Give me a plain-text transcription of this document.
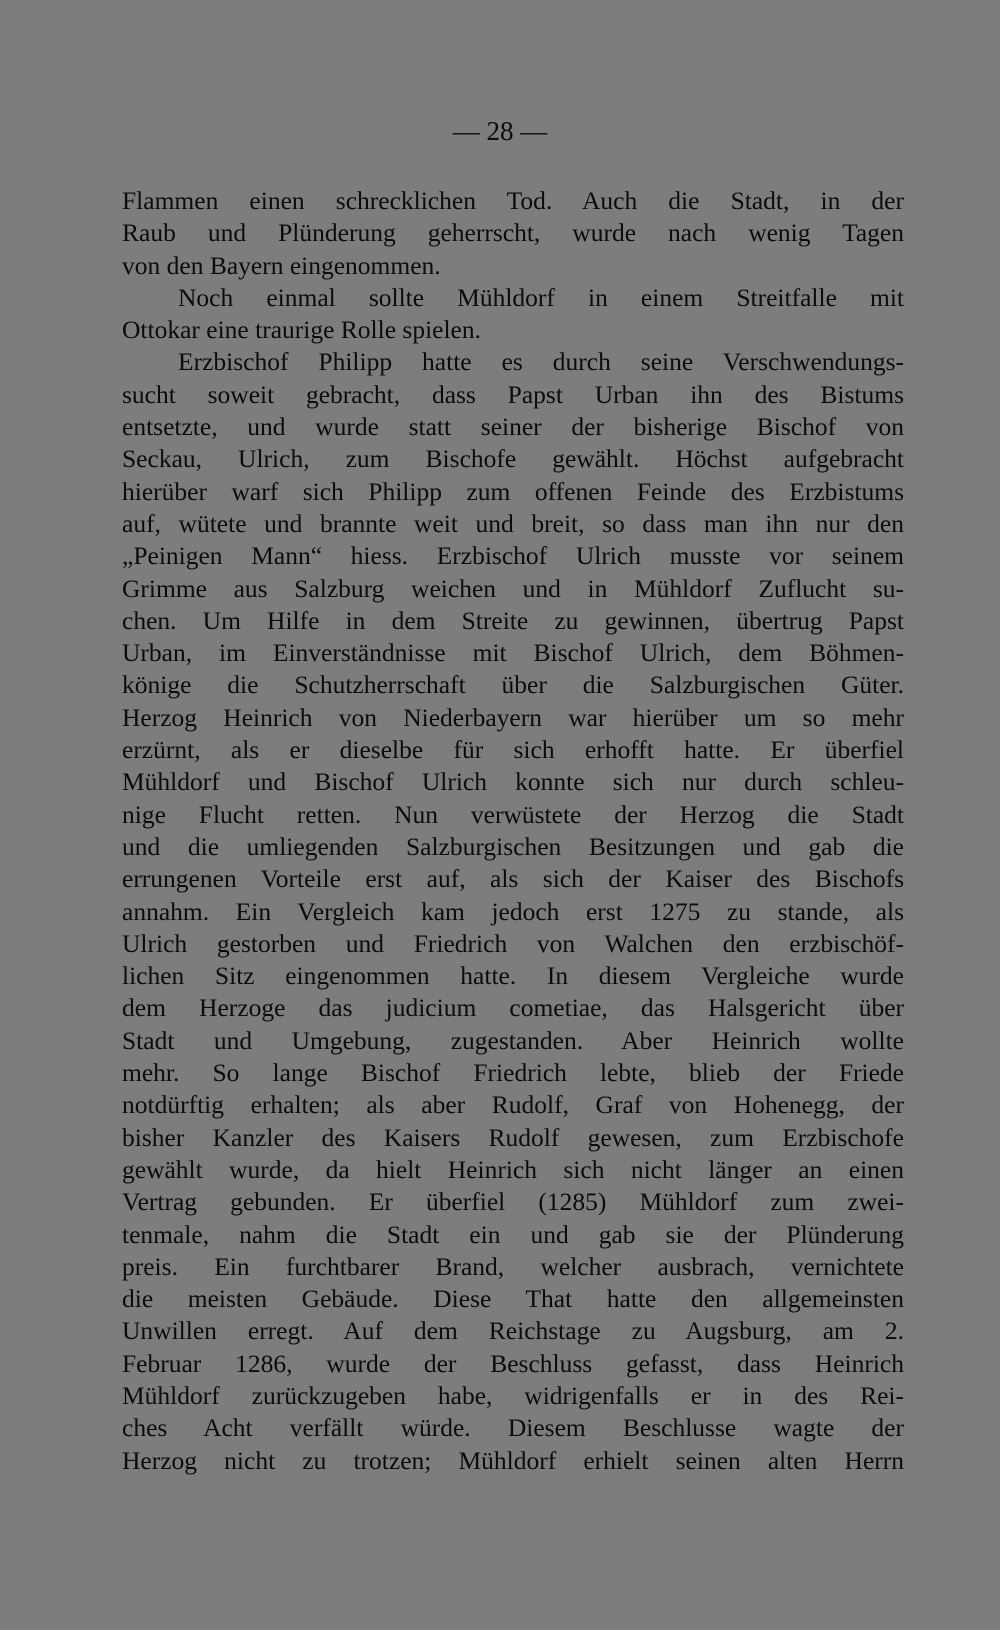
— 28 —
Flammen einen schrecklichen Tod. Auch die Stadt, in der
Raub und Plünderung geherrscht, wurde nach wenig Tagen
von den Bayern eingenommen.
Noch einmal sollte Mühldorf in einem Streitfalle mit
Ottokar eine traurige Rolle spielen.
Erzbischof Philipp hatte es durch seine Verschwendungs-
sucht soweit gebracht, dass Papst Urban ihn des Bistums
entsetzte, und wurde statt seiner der bisherige Bischof von
Seckau, Ulrich, zum Bischofe gewählt. Höchst aufgebracht
hierüber warf sich Philipp zum offenen Feinde des Erzbistums
auf, wütete und brannte weit und breit, so dass man ihn nur den
„Peinigen Mann“ hiess. Erzbischof Ulrich musste vor seinem
Grimme aus Salzburg weichen und in Mühldorf Zuflucht su-
chen. Um Hilfe in dem Streite zu gewinnen, übertrug Papst
Urban, im Einverständnisse mit Bischof Ulrich, dem Böhmen-
könige die Schutzherrschaft über die Salzburgischen Güter.
Herzog Heinrich von Niederbayern war hierüber um so mehr
erzürnt, als er dieselbe für sich erhofft hatte. Er überfiel
Mühldorf und Bischof Ulrich konnte sich nur durch schleu-
nige Flucht retten. Nun verwüstete der Herzog die Stadt
und die umliegenden Salzburgischen Besitzungen und gab die
errungenen Vorteile erst auf, als sich der Kaiser des Bischofs
annahm. Ein Vergleich kam jedoch erst 1275 zu stande, als
Ulrich gestorben und Friedrich von Walchen den erzbischöf-
lichen Sitz eingenommen hatte. In diesem Vergleiche wurde
dem Herzoge das judicium cometiae, das Halsgericht über
Stadt und Umgebung, zugestanden. Aber Heinrich wollte
mehr. So lange Bischof Friedrich lebte, blieb der Friede
notdürftig erhalten; als aber Rudolf, Graf von Hohenegg, der
bisher Kanzler des Kaisers Rudolf gewesen, zum Erzbischofe
gewählt wurde, da hielt Heinrich sich nicht länger an einen
Vertrag gebunden. Er überfiel (1285) Mühldorf zum zwei-
tenmale, nahm die Stadt ein und gab sie der Plünderung
preis. Ein furchtbarer Brand, welcher ausbrach, vernichtete
die meisten Gebäude. Diese That hatte den allgemeinsten
Unwillen erregt. Auf dem Reichstage zu Augsburg, am 2.
Februar 1286, wurde der Beschluss gefasst, dass Heinrich
Mühldorf zurückzugeben habe, widrigenfalls er in des Rei-
ches Acht verfällt würde. Diesem Beschlusse wagte der
Herzog nicht zu trotzen; Mühldorf erhielt seinen alten Herrn
